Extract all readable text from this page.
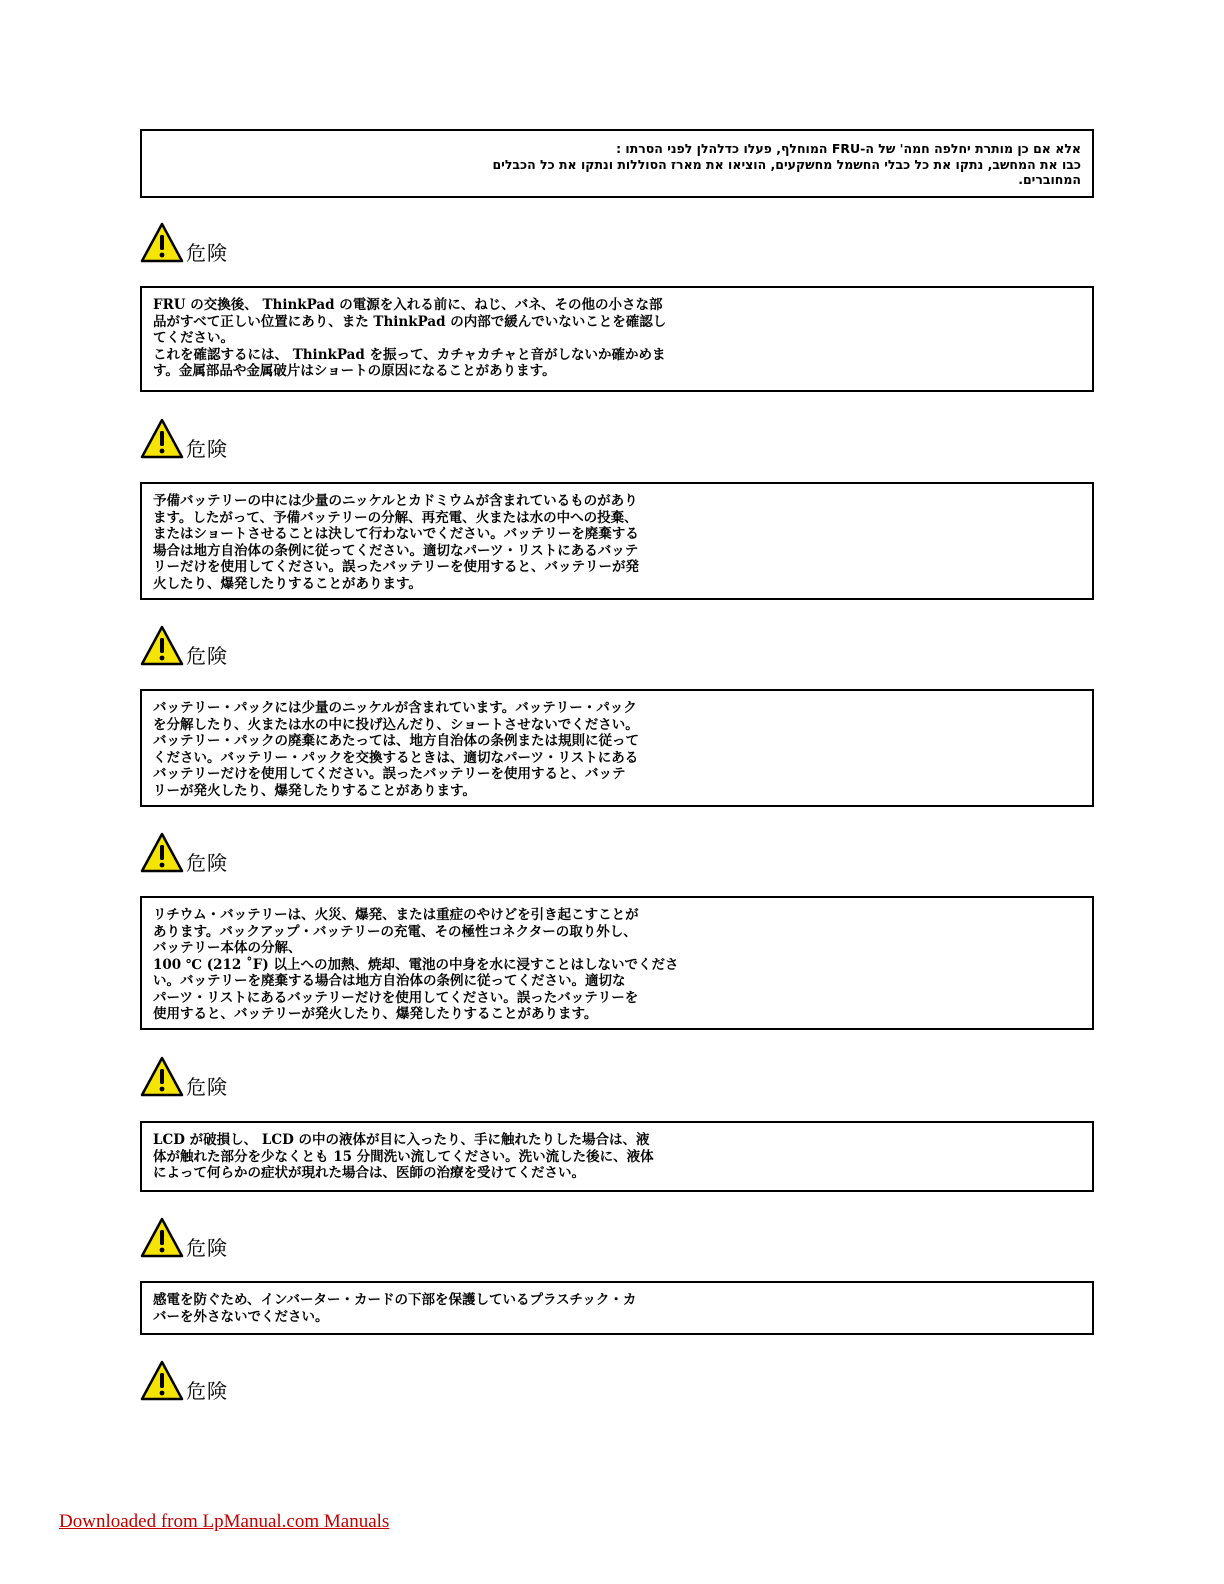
אלא אם כן מותרת יחלפה חמה' של ה-FRU המוחלף, פעלו כדלהלן לפני הסרתו :
כבו את המחשב, נתקו את כל כבלי החשמל מחשקעים, הוציאו את מארז הסוללות ונתקו את כל הכבלים
המחוברים.
危険
FRU の交換後、 ThinkPad の電源を入れる前に、ねじ、バネ、その他の小さな部
品がすべて正しい位置にあり、また ThinkPad の内部で緩んでいないことを確認し
てください。
これを確認するには、 ThinkPad を振って、カチャカチャと音がしないか確かめま
す。金属部品や金属破片はショートの原因になることがあります。
危険
予備バッテリーの中には少量のニッケルとカドミウムが含まれているものがあり
ます。したがって、予備バッテリーの分解、再充電、火または水の中への投棄、
またはショートさせることは決して行わないでください。バッテリーを廃棄する
場合は地方自治体の条例に従ってください。適切なパーツ・リストにあるバッテ
リーだけを使用してください。誤ったバッテリーを使用すると、バッテリーが発
火したり、爆発したりすることがあります。
危険
バッテリー・パックには少量のニッケルが含まれています。バッテリー・パック
を分解したり、火または水の中に投げ込んだり、ショートさせないでください。
バッテリー・パックの廃棄にあたっては、地方自治体の条例または規則に従って
ください。バッテリー・パックを交換するときは、適切なパーツ・リストにある
バッテリーだけを使用してください。誤ったバッテリーを使用すると、バッテ
リーが発火したり、爆発したりすることがあります。
危険
リチウム・バッテリーは、火災、爆発、または重症のやけどを引き起こすことが
あります。バックアップ・バッテリーの充電、その極性コネクターの取り外し、
バッテリー本体の分解、
100 ℃ (212 ˚F) 以上への加熱、焼却、電池の中身を水に浸すことはしないでくださ
い。バッテリーを廃棄する場合は地方自治体の条例に従ってください。適切な
パーツ・リストにあるバッテリーだけを使用してください。誤ったバッテリーを
使用すると、バッテリーが発火したり、爆発したりすることがあります。
危険
LCD が破損し、 LCD の中の液体が目に入ったり、手に触れたりした場合は、液
体が触れた部分を少なくとも 15 分間洗い流してください。洗い流した後に、液体
によって何らかの症状が現れた場合は、医師の治療を受けてください。
危険
感電を防ぐため、インバーター・カードの下部を保護しているプラスチック・カ
バーを外さないでください。
危険
Downloaded from LpManual.com Manuals
